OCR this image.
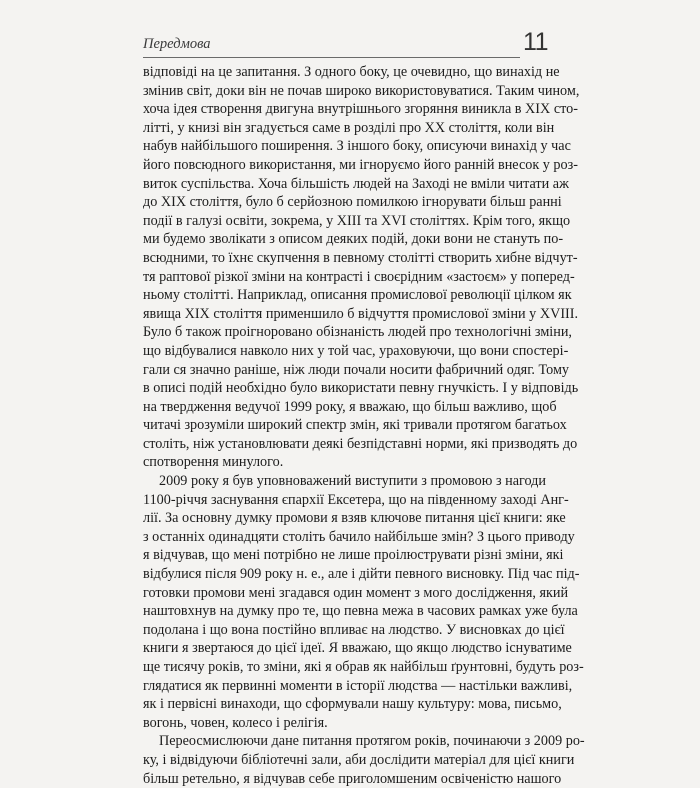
Передмова	11

відповіді на це запитання. З одного боку, це очевидно, що винахід не
змінив світ, доки він не почав широко використовуватися. Таким чином,
хоча ідея створення двигуна внутрішнього згоряння виникла в ХІХ сто-
літті, у книзі він згадується саме в розділі про ХХ століття, коли він
набув найбільшого поширення. З іншого боку, описуючи винахід у час
його повсюдного використання, ми ігноруємо його ранній внесок у роз-
виток суспільства. Хоча більшість людей на Заході не вміли читати аж
до ХІХ століття, було б серйозною помилкою ігнорувати більш ранні
події в галузі освіти, зокрема, у ХІІІ та XVI століттях. Крім того, якщо
ми будемо зволікати з описом деяких подій, доки вони не стануть по-
всюдними, то їхнє скупчення в певному столітті створить хибне відчут-
тя раптової різкої зміни на контрасті і своєрідним «застоєм» у поперед-
ньому столітті. Наприклад, описання промислової революції цілком як
явища ХІХ століття применшило б відчуття промислової зміни у XVIII.
Було б також проігноровано обізнаність людей про технологічні зміни,
що відбувалися навколо них у той час, ураховуючи, що вони спостері-
гали ся значно раніше, ніж люди почали носити фабричний одяг. Тому
в описі подій необхідно було використати певну гнучкість. І у відповідь
на твердження ведучої 1999 року, я вважаю, що більш важливо, щоб
читачі зрозуміли широкий спектр змін, які тривали протягом багатьох
століть, ніж установлювати деякі безпідставні норми, які призводять до
спотворення минулого.

2009 року я був уповноважений виступити з промовою з нагоди
1100-річчя заснування єпархії Ексетера, що на південному заході Анг-
лії. За основну думку промови я взяв ключове питання цієї книги: яке
з останніх одинадцяти століть бачило найбільше змін? З цього приводу
я відчував, що мені потрібно не лише проілюструвати різні зміни, які
відбулися після 909 року н. е., але і дійти певного висновку. Під час під-
готовки промови мені згадався один момент з мого дослідження, який
наштовхнув на думку про те, що певна межа в часових рамках уже була
подолана і що вона постійно впливає на людство. У висновках до цієї
книги я звертаюся до цієї ідеї. Я вважаю, що якщо людство існуватиме
ще тисячу років, то зміни, які я обрав як найбільш ґрунтовні, будуть роз-
глядатися як первинні моменти в історії людства — настільки важливі,
як і первісні винаходи, що сформували нашу культуру: мова, письмо,
вогонь, човен, колесо і релігія.

Переосмислюючи дане питання протягом років, починаючи з 2009 ро-
ку, і відвідуючи бібліотечні зали, аби дослідити матеріал для цієї книги
більш ретельно, я відчував себе приголомшеним освіченістю нашого
